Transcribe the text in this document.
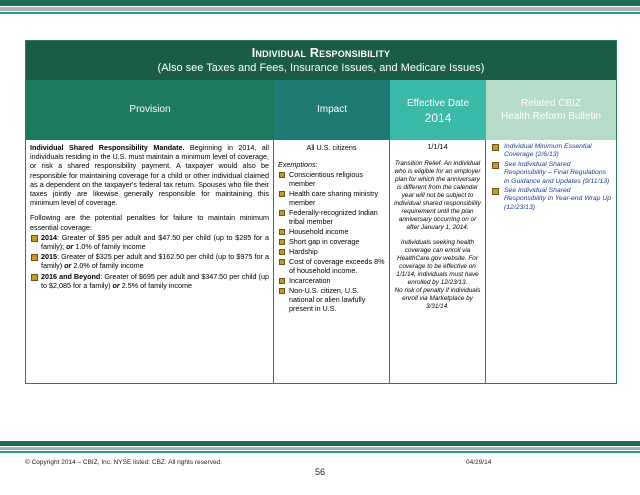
Individual Responsibility
(Also see Taxes and Fees, Insurance Issues, and Medicare Issues)
Provision	Impact
Effective Date
2014
Related CBIZ
Health Reform Bulletin

Individual Shared Responsibility Mandate. Beginning in 2014, all individuals residing in the U.S. must maintain a minimum level of coverage, or risk a shared responsibility payment. A taxpayer would also be responsible for maintaining coverage for a child or other individual claimed as a dependent on the taxpayer's federal tax return. Spouses who file their taxes jointly are likewise generally responsible for maintaining this minimum level of coverage.

Following are the potential penalties for failure to maintain minimum essential coverage:

2014: Greater of $95 per adult and $47.50 per child (up to $285 for a family); or 1.0% of family income
2015: Greater of $325 per adult and $162.50 per child (up to $975 for a family) or 2.0% of family income
2016 and Beyond: Greater of $695 per adult and $347.50 per child (up to $2,085 for a family) or 2.5% of family income
All U.S. citizens
Exemptions:
Conscientious religious member
Health care sharing ministry member
Federally-recognized Indian tribal member
Household income
Short gap in coverage
Hardship
Cost of coverage exceeds 8% of household income.
Incarceration
Non-U.S. citizen, U.S. national or alien lawfully present in U.S.
1/1/14

Transition Relief. An individual who is eligible for an employer plan for which the anniversary is different from the calendar year will not be subject to individual shared responsibility requirement until the plan anniversary occurring on or after January 1, 2014.

Individuals seeking health coverage can enroll via HealthCare.gov website. For coverage to be effective on 1/1/14, individuals must have enrolled by 12/23/13.

No risk of penalty if individuals enroll via Marketplace by 3/31/14.

Individual Minimum Essential Coverage (2/6/13)
See Individual Shared Responsibility – Final Regulations in Guidance and Updates (9/11/13)
See Individual Shared Responsibility in Year-end Wrap Up (12/23/13)
© Copyright 2014 – CBIZ, Inc. NYSE listed: CBZ. All rights reserved.	04/29/14
56
